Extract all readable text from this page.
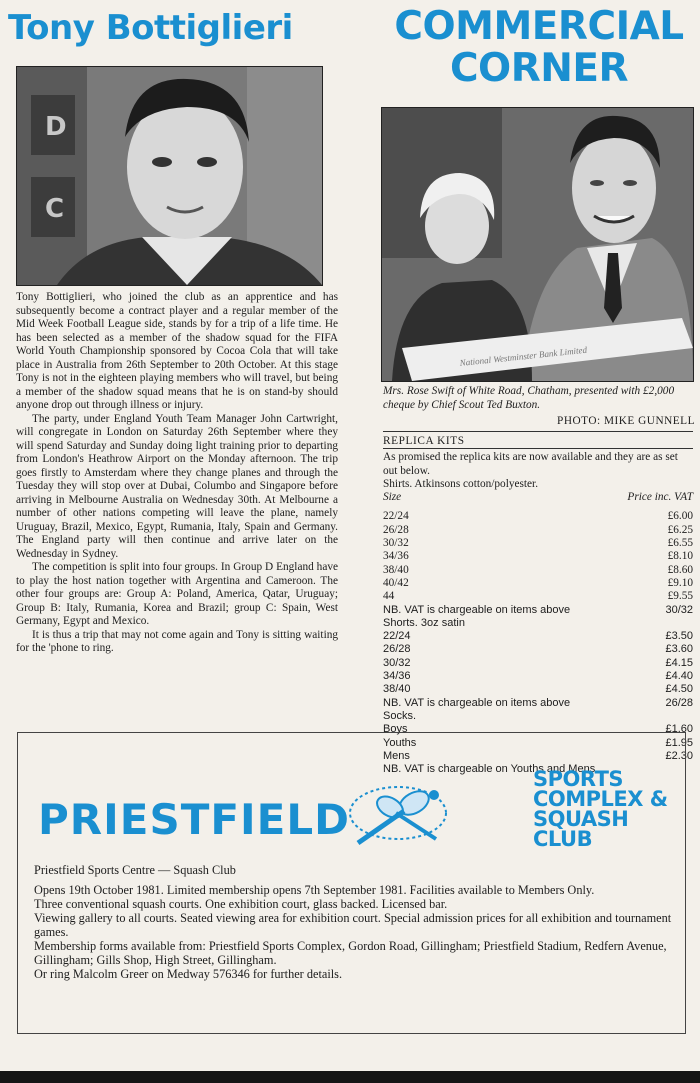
Tony Bottiglieri	COMMERCIAL
CORNER
D
C
National Westminster Bank Limited

Tony Bottiglieri, who joined the club as an apprentice and has subsequently become a contract player and a regular member of the Mid Week Football League side, stands by for a trip of a life time. He has been selected as a member of the shadow squad for the FIFA World Youth Championship sponsored by Cocoa Cola that will take place in Australia from 26th September to 20th October. At this stage Tony is not in the eighteen playing members who will travel, but being a member of the shadow squad means that he is on stand-by should anyone drop out through illness or injury.

The party, under England Youth Team Manager John Cartwright, will congregate in London on Saturday 26th September where they will spend Saturday and Sunday doing light training prior to departing from London's Heathrow Airport on the Monday afternoon. The trip goes firstly to Amsterdam where they change planes and through the Tuesday they will stop over at Dubai, Columbo and Singapore before arriving in Melbourne Australia on Wednesday 30th. At Melbourne a number of other nations competing will leave the plane, namely Uruguay, Brazil, Mexico, Egypt, Rumania, Italy, Spain and Germany. The England party will then continue and arrive later on the Wednesday in Sydney.

The competition is split into four groups. In Group D England have to play the host nation together with Argentina and Cameroon. The other four groups are: Group A: Poland, America, Qatar, Uruguay; Group B: Italy, Rumania, Korea and Brazil; group C: Spain, West Germany, Egypt and Mexico.

It is thus a trip that may not come again and Tony is sitting waiting for the 'phone to ring.

Mrs. Rose Swift of White Road, Chatham, presented with £2,000 cheque by Chief Scout Ted Buxton.
PHOTO: MIKE GUNNELL
REPLICA KITS
As promised the replica kits are now available and they are as set out below.
Shirts. Atkinsons cotton/polyester.
Size	Price inc. VAT
22/24	£6.00
26/28	£6.25
30/32	£6.55
34/36	£8.10
38/40	£8.60
40/42	£9.10
44	£9.55
NB. VAT is chargeable on items above	30/32
Shorts. 3oz satin
22/24	£3.50
26/28	£3.60
30/32	£4.15
34/36	£4.40
38/40	£4.50
NB. VAT is chargeable on items above	26/28
Socks.
Boys	£1.60
Youths	£1.95
Mens	£2.30
NB. VAT is chargeable on Youths and Mens.
PRIESTFIELD
SPORTS
COMPLEX &
SQUASH CLUB

Priestfield Sports Centre — Squash Club

Opens 19th October 1981. Limited membership opens 7th September 1981. Facilities available to Members Only.

Three conventional squash courts. One exhibition court, glass backed. Licensed bar.

Viewing gallery to all courts. Seated viewing area for exhibition court. Special admission prices for all exhibition and tournament games.

Membership forms available from: Priestfield Sports Complex, Gordon Road, Gillingham; Priestfield Stadium, Redfern Avenue, Gillingham; Gills Shop, High Street, Gillingham.

Or ring Malcolm Greer on Medway 576346 for further details.
